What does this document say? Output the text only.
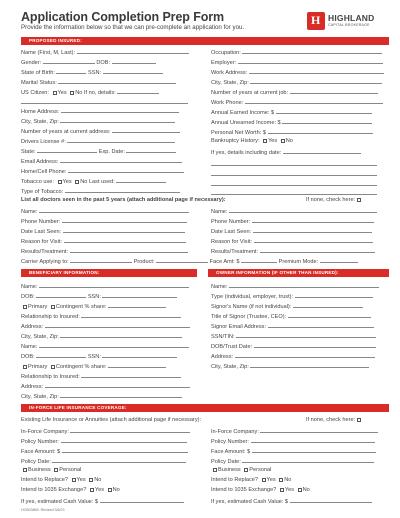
Application Completion Prep Form
Provide the information below so that we can pre-complete an application for you.
H HIGHLAND
CAPITAL BROKERAGE
PROPOSED INSURED:
Name (First, M, Last):
Gender:	DOB:
State of Birth:	SSN:
Marital Status:
US Citizen: Yes No If no, details:
Home Address:
City, State, Zip:
Number of years at current address:
Drivers License #:
State:	Exp. Date:
Email Address:
Home/Cell Phone:
Tobacco use: Yes No Last used:
Type of Tobacco:
Occupation:
Employer:
Work Address:
City, State, Zip:
Number of years at current job:
Work Phone:
Annual Earned Income: $
Annual Unearned Income: $
Personal Net Worth: $
Bankruptcy History: Yes No
If yes, details including date:
List all doctors seen in the past 5 years (attach additional page if necessary):	If none, check here:
Name:
Phone Number:
Date Last Seen:
Reason for Visit:
Results/Treatment:
Name:
Phone Number:
Date Last Seen:
Reason for Visit:
Results/Treatment:
Carrier Applying to:	Product:	Face Amt: $	Premium Mode:
BENEFICIARY INFORMATION:	OWNER INFORMATION (IF OTHER THAN INSURED):
Name:
DOB:	SSN:
Primary Contingent % share:
Relationship to Insured:
Address:
City, State, Zip:
Name:
DOB:	SSN:
Primary Contingent % share:
Relationship to Insured:
Address:
City, State, Zip:
Name:
Type (individual, employer, trust):
Signor's Name (if not individual):
Title of Signor (Trustee, CEO):
Signor Email Address:
SSN/TIN:
DOB/Trust Date:
Address:
City, State, Zip:
IN-FORCE LIFE INSURANCE COVERAGE:
Existing Life Insurance or Annuities (attach additional page if necessary):	If none, check here:
In-Force Company:
Policy Number:
Face Amount: $
Policy Date:
Business Personal
Intend to Replace? Yes No
Intend to 1035 Exchange? Yes No
If yes, estimated Cash Value: $
In-Force Company:
Policy Number:
Face Amount: $
Policy Date:
Business Personal
Intend to Replace? Yes No
Intend to 1035 Exchange? Yes No
If yes, estimated Cash Value: $
HCB03869. Revised 3/6/23
